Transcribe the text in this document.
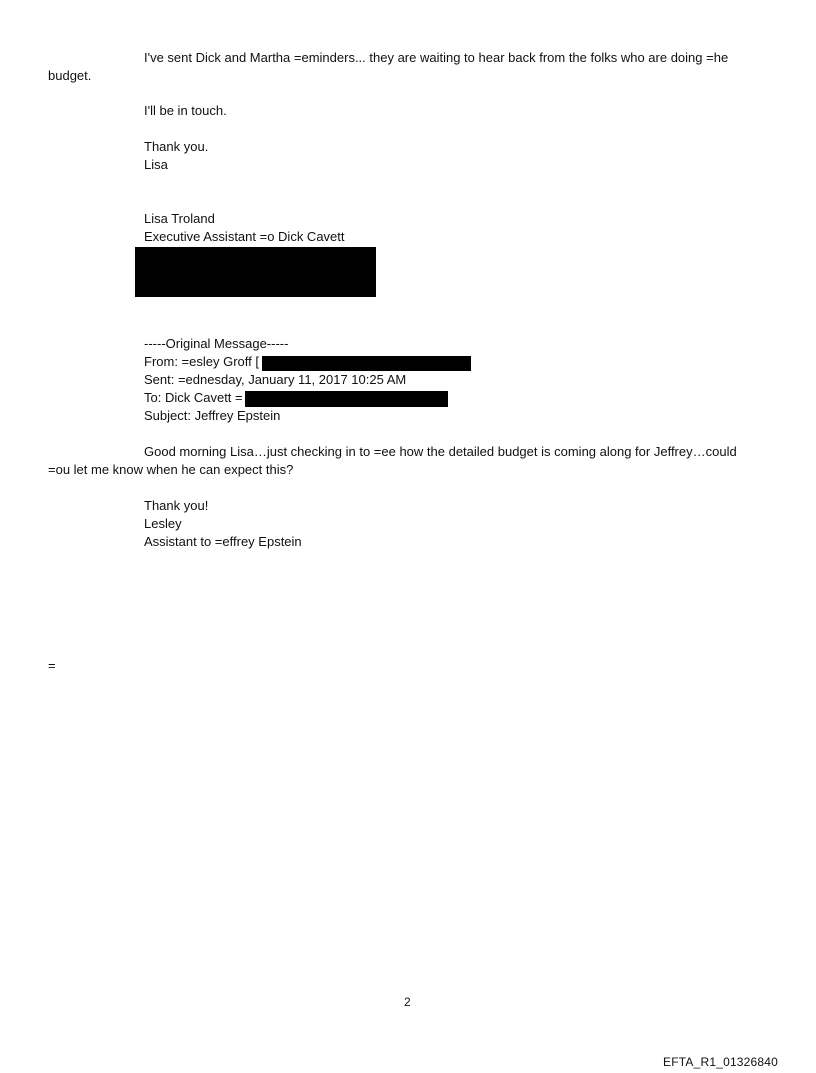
I've sent Dick and Martha =eminders... they are waiting to hear back from the folks who are doing =he
budget.
I'll be in touch.
Thank you.
Lisa
Lisa Troland
Executive Assistant =o Dick Cavett
-----Original Message-----
From: =esley Groff [
Sent: =ednesday, January 11, 2017 10:25 AM
To: Dick Cavett =
Subject: Jeffrey Epstein
Good morning Lisa…just checking in to =ee how the detailed budget is coming along for Jeffrey…could
=ou let me know when he can expect this?
Thank you!
Lesley
Assistant to =effrey Epstein
=
2
EFTA_R1_01326840
